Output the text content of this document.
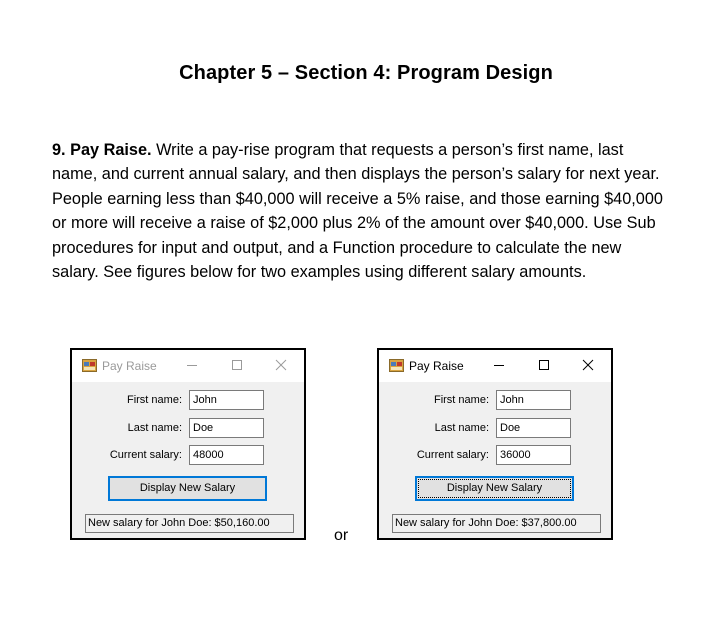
Chapter 5 – Section 4: Program Design
9. Pay Raise. Write a pay-rise program that requests a person’s first name, last name, and current annual salary, and then displays the person’s salary for next year. People earning less than $40,000 will receive a 5% raise, and those earning $40,000 or more will receive a raise of $2,000 plus 2% of the amount over $40,000. Use Sub procedures for input and output, and a Function procedure to calculate the new salary. See figures below for two examples using different salary amounts.
Pay Raise
First name:	John
Last name:	Doe
Current salary:	48000
Display New Salary
New salary for John Doe: $50,160.00
Pay Raise
First name:	John
Last name:	Doe
Current salary:	36000
Display New Salary
New salary for John Doe: $37,800.00
or
